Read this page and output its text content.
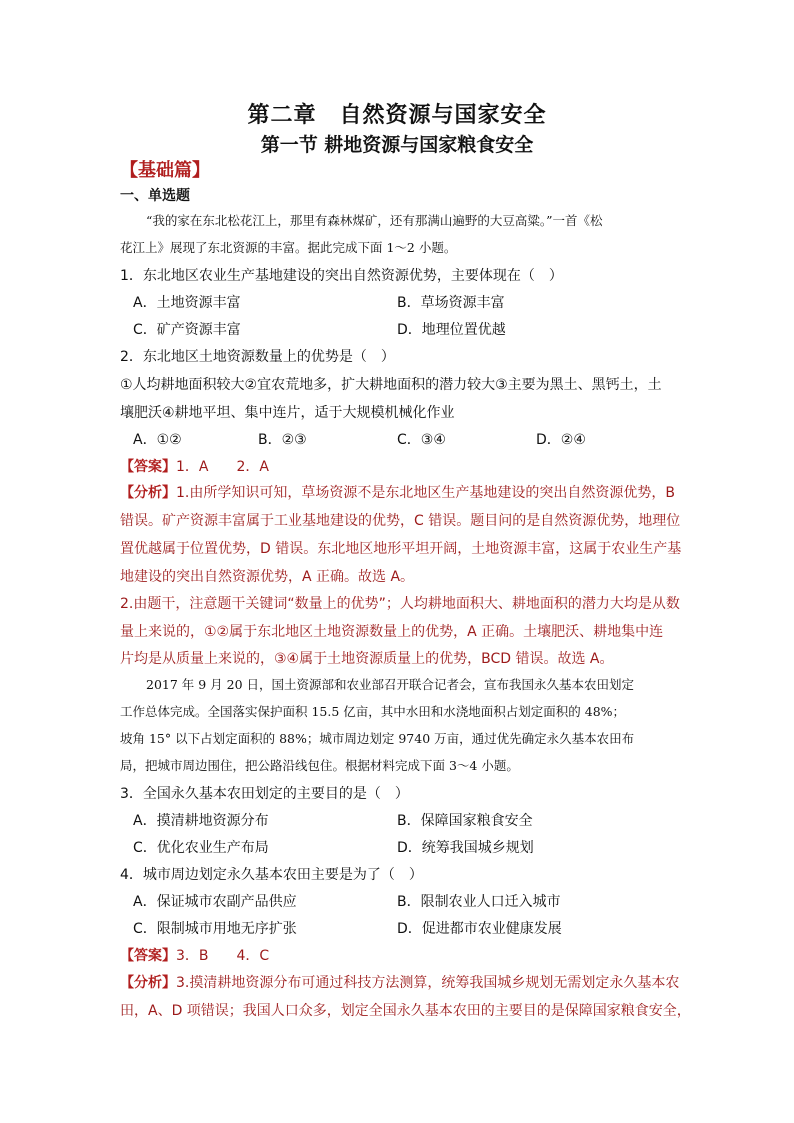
第二章　自然资源与国家安全
第一节 耕地资源与国家粮食安全
【基础篇】
一、单选题
“我的家在东北松花江上，那里有森林煤矿，还有那满山遍野的大豆高粱。”一首《松
花江上》展现了东北资源的丰富。据此完成下面 1～2 小题。
1．东北地区农业生产基地建设的突出自然资源优势，主要体现在（　）
A．土地资源丰富	B．草场资源丰富
C．矿产资源丰富	D．地理位置优越
2．东北地区土地资源数量上的优势是（　）
①人均耕地面积较大②宜农荒地多，扩大耕地面积的潜力较大③主要为黑土、黑钙土，土
壤肥沃④耕地平坦、集中连片，适于大规模机械化作业
A．①②	B．②③	C．③④	D．②④
【答案】1．A　　2．A
【分析】1.由所学知识可知，草场资源不是东北地区生产基地建设的突出自然资源优势，B
错误。矿产资源丰富属于工业基地建设的优势，C 错误。题目问的是自然资源优势，地理位
置优越属于位置优势，D 错误。东北地区地形平坦开阔，土地资源丰富，这属于农业生产基
地建设的突出自然资源优势，A 正确。故选 A。
2.由题干，注意题干关键词“数量上的优势”；人均耕地面积大、耕地面积的潜力大均是从数
量上来说的，①②属于东北地区土地资源数量上的优势，A 正确。土壤肥沃、耕地集中连
片均是从质量上来说的，③④属于土地资源质量上的优势，BCD 错误。故选 A。
2017 年 9 月 20 日，国土资源部和农业部召开联合记者会，宣布我国永久基本农田划定
工作总体完成。全国落实保护面积 15.5 亿亩，其中水田和水浇地面积占划定面积的 48%；
坡角 15° 以下占划定面积的 88%；城市周边划定 9740 万亩，通过优先确定永久基本农田布
局，把城市周边围住，把公路沿线包住。根据材料完成下面 3～4 小题。
3．全国永久基本农田划定的主要目的是（　）
A．摸清耕地资源分布	B．保障国家粮食安全
C．优化农业生产布局	D．统筹我国城乡规划
4．城市周边划定永久基本农田主要是为了（　）
A．保证城市农副产品供应	B．限制农业人口迁入城市
C．限制城市用地无序扩张	D．促进都市农业健康发展
【答案】3．B　　4．C
【分析】3.摸清耕地资源分布可通过科技方法测算，统筹我国城乡规划无需划定永久基本农
田，A、D 项错误；我国人口众多，划定全国永久基本农田的主要目的是保障国家粮食安全，
